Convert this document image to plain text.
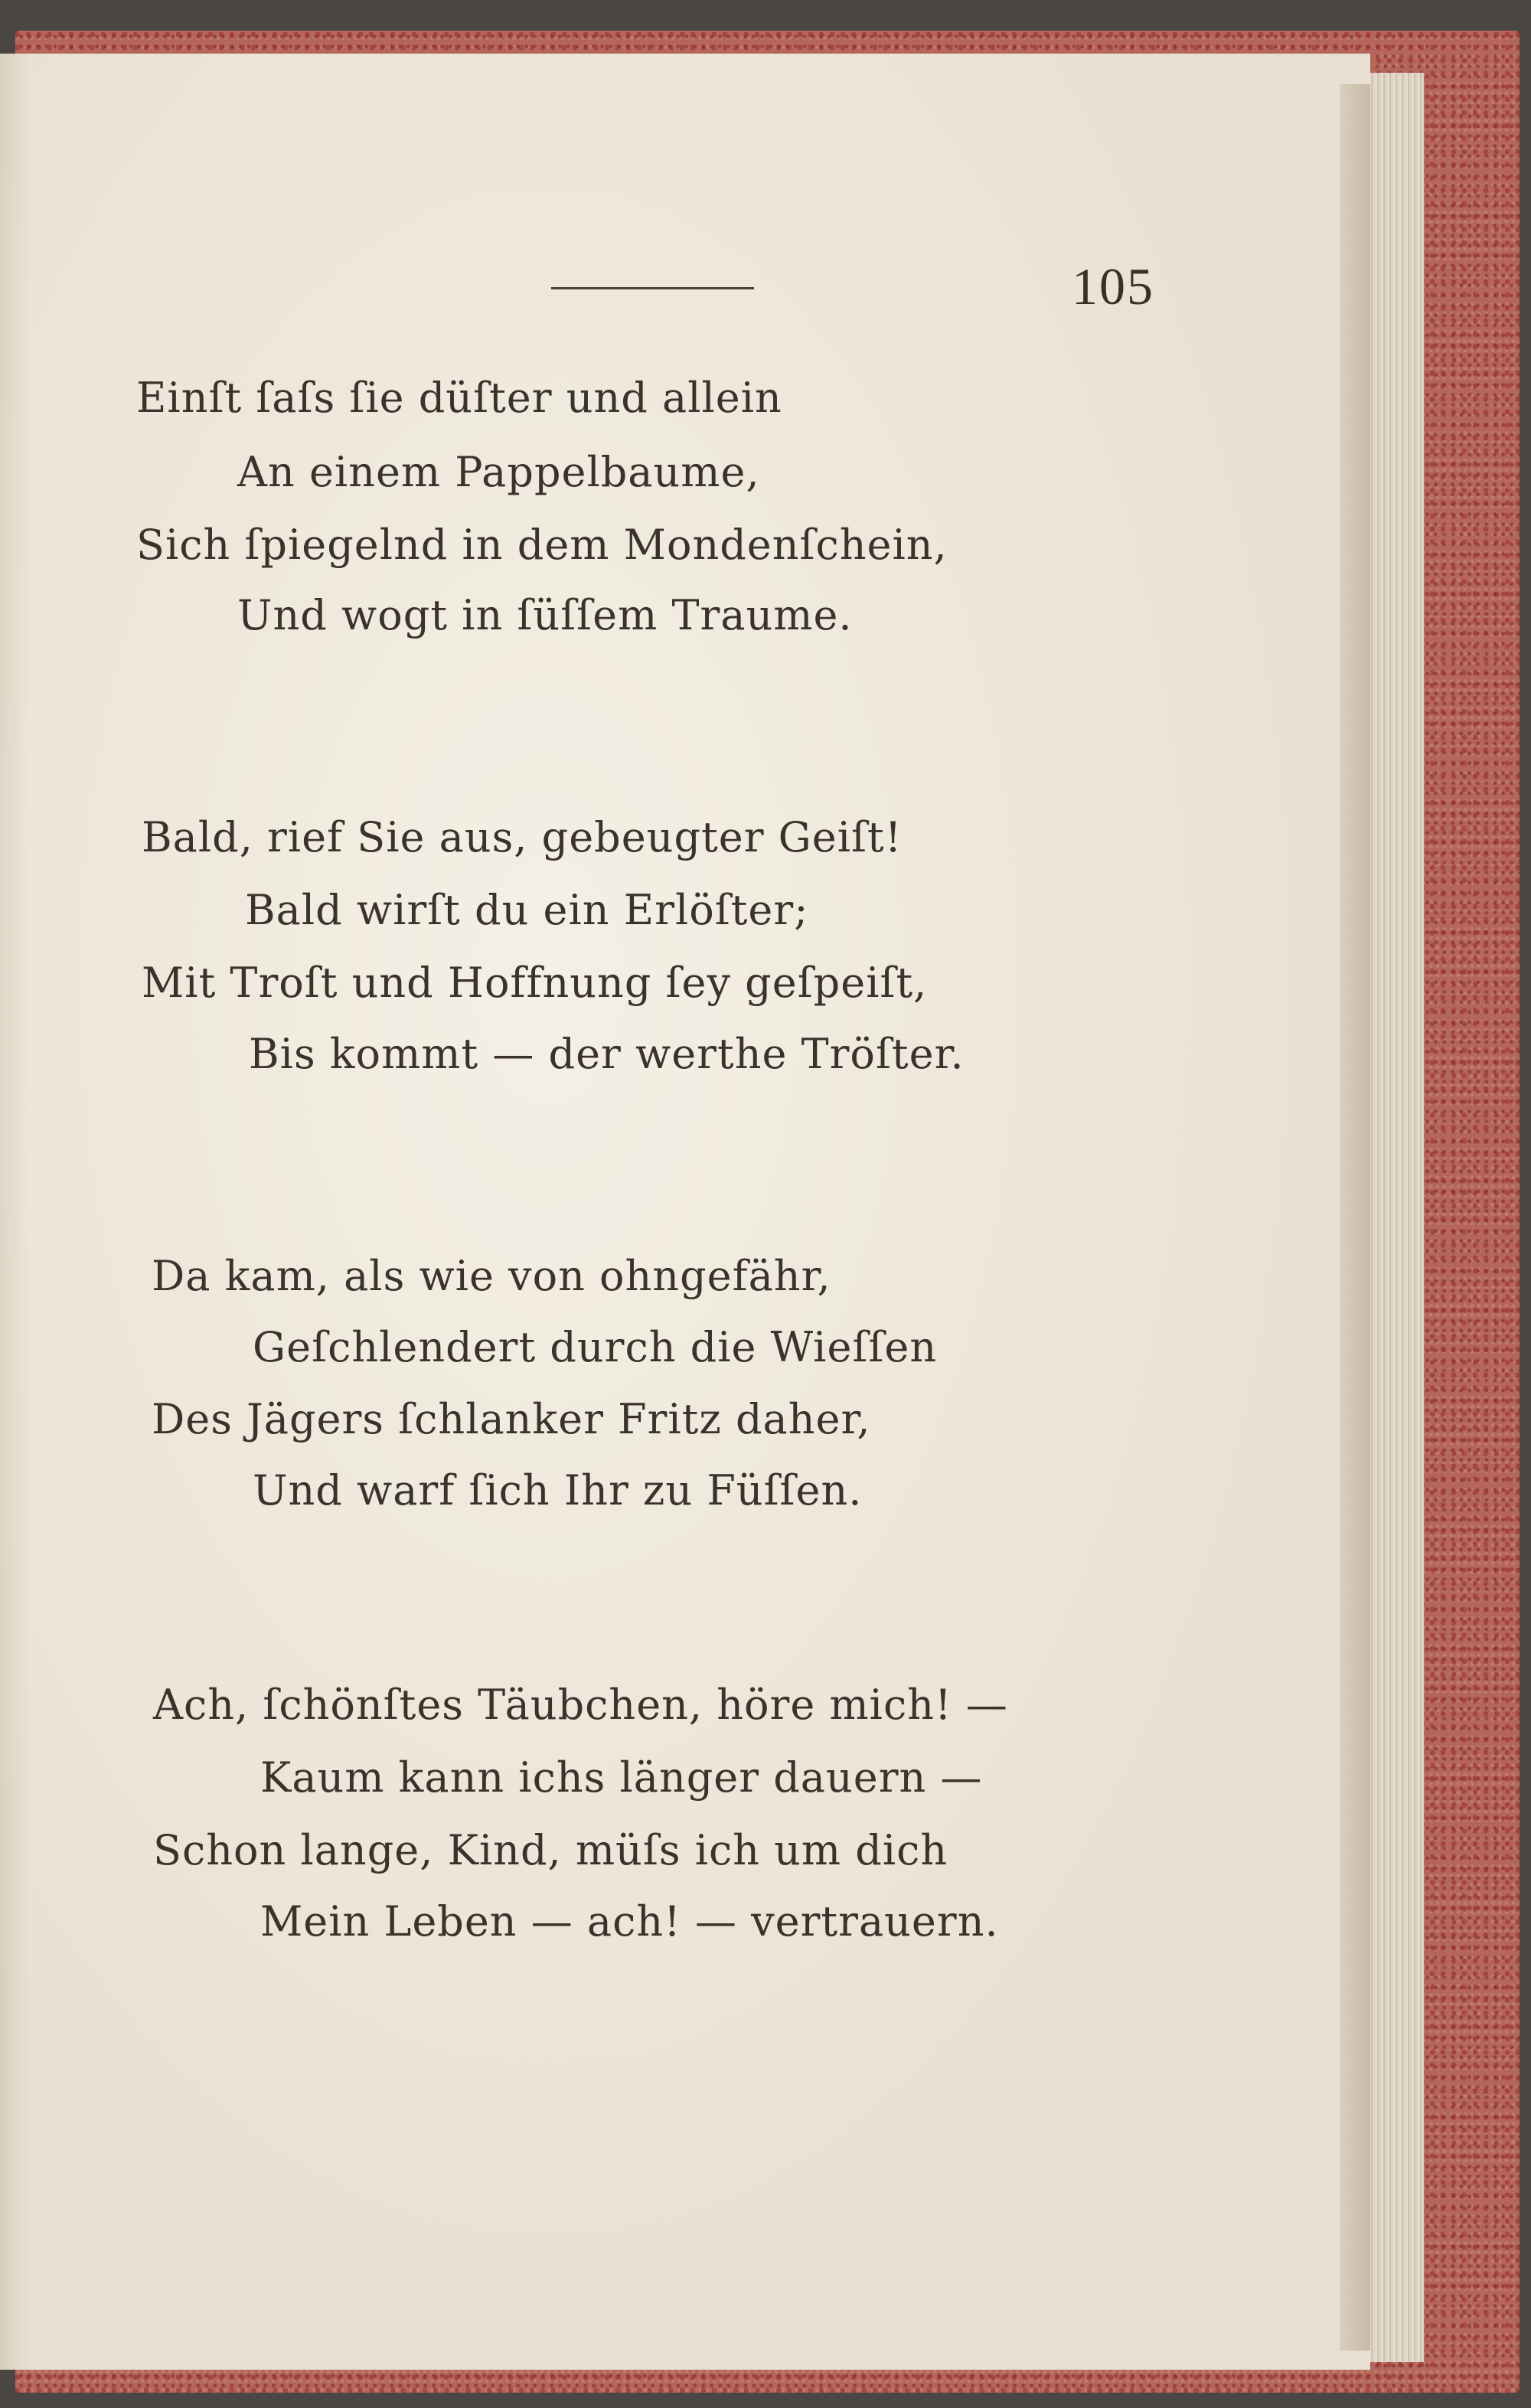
105
Einſt ſaſs ſie düſter und allein
An einem Pappelbaume,
Sich ſpiegelnd in dem Mondenſchein,
Und wogt in ſüſſem Traume.
Bald, rief Sie aus, gebeugter Geiſt!
Bald wirſt du ein Erlöſter;
Mit Troſt und Hoffnung ſey geſpeiſt,
Bis kommt — der werthe Tröſter.
Da kam, als wie von ohngefähr,
Geſchlendert durch die Wieſſen
Des Jägers ſchlanker Fritz daher,
Und warf ſich Ihr zu Füſſen.
Ach, ſchönſtes Täubchen, höre mich! —
Kaum kann ichs länger dauern —
Schon lange, Kind, müſs ich um dich
Mein Leben — ach! — vertrauern.
